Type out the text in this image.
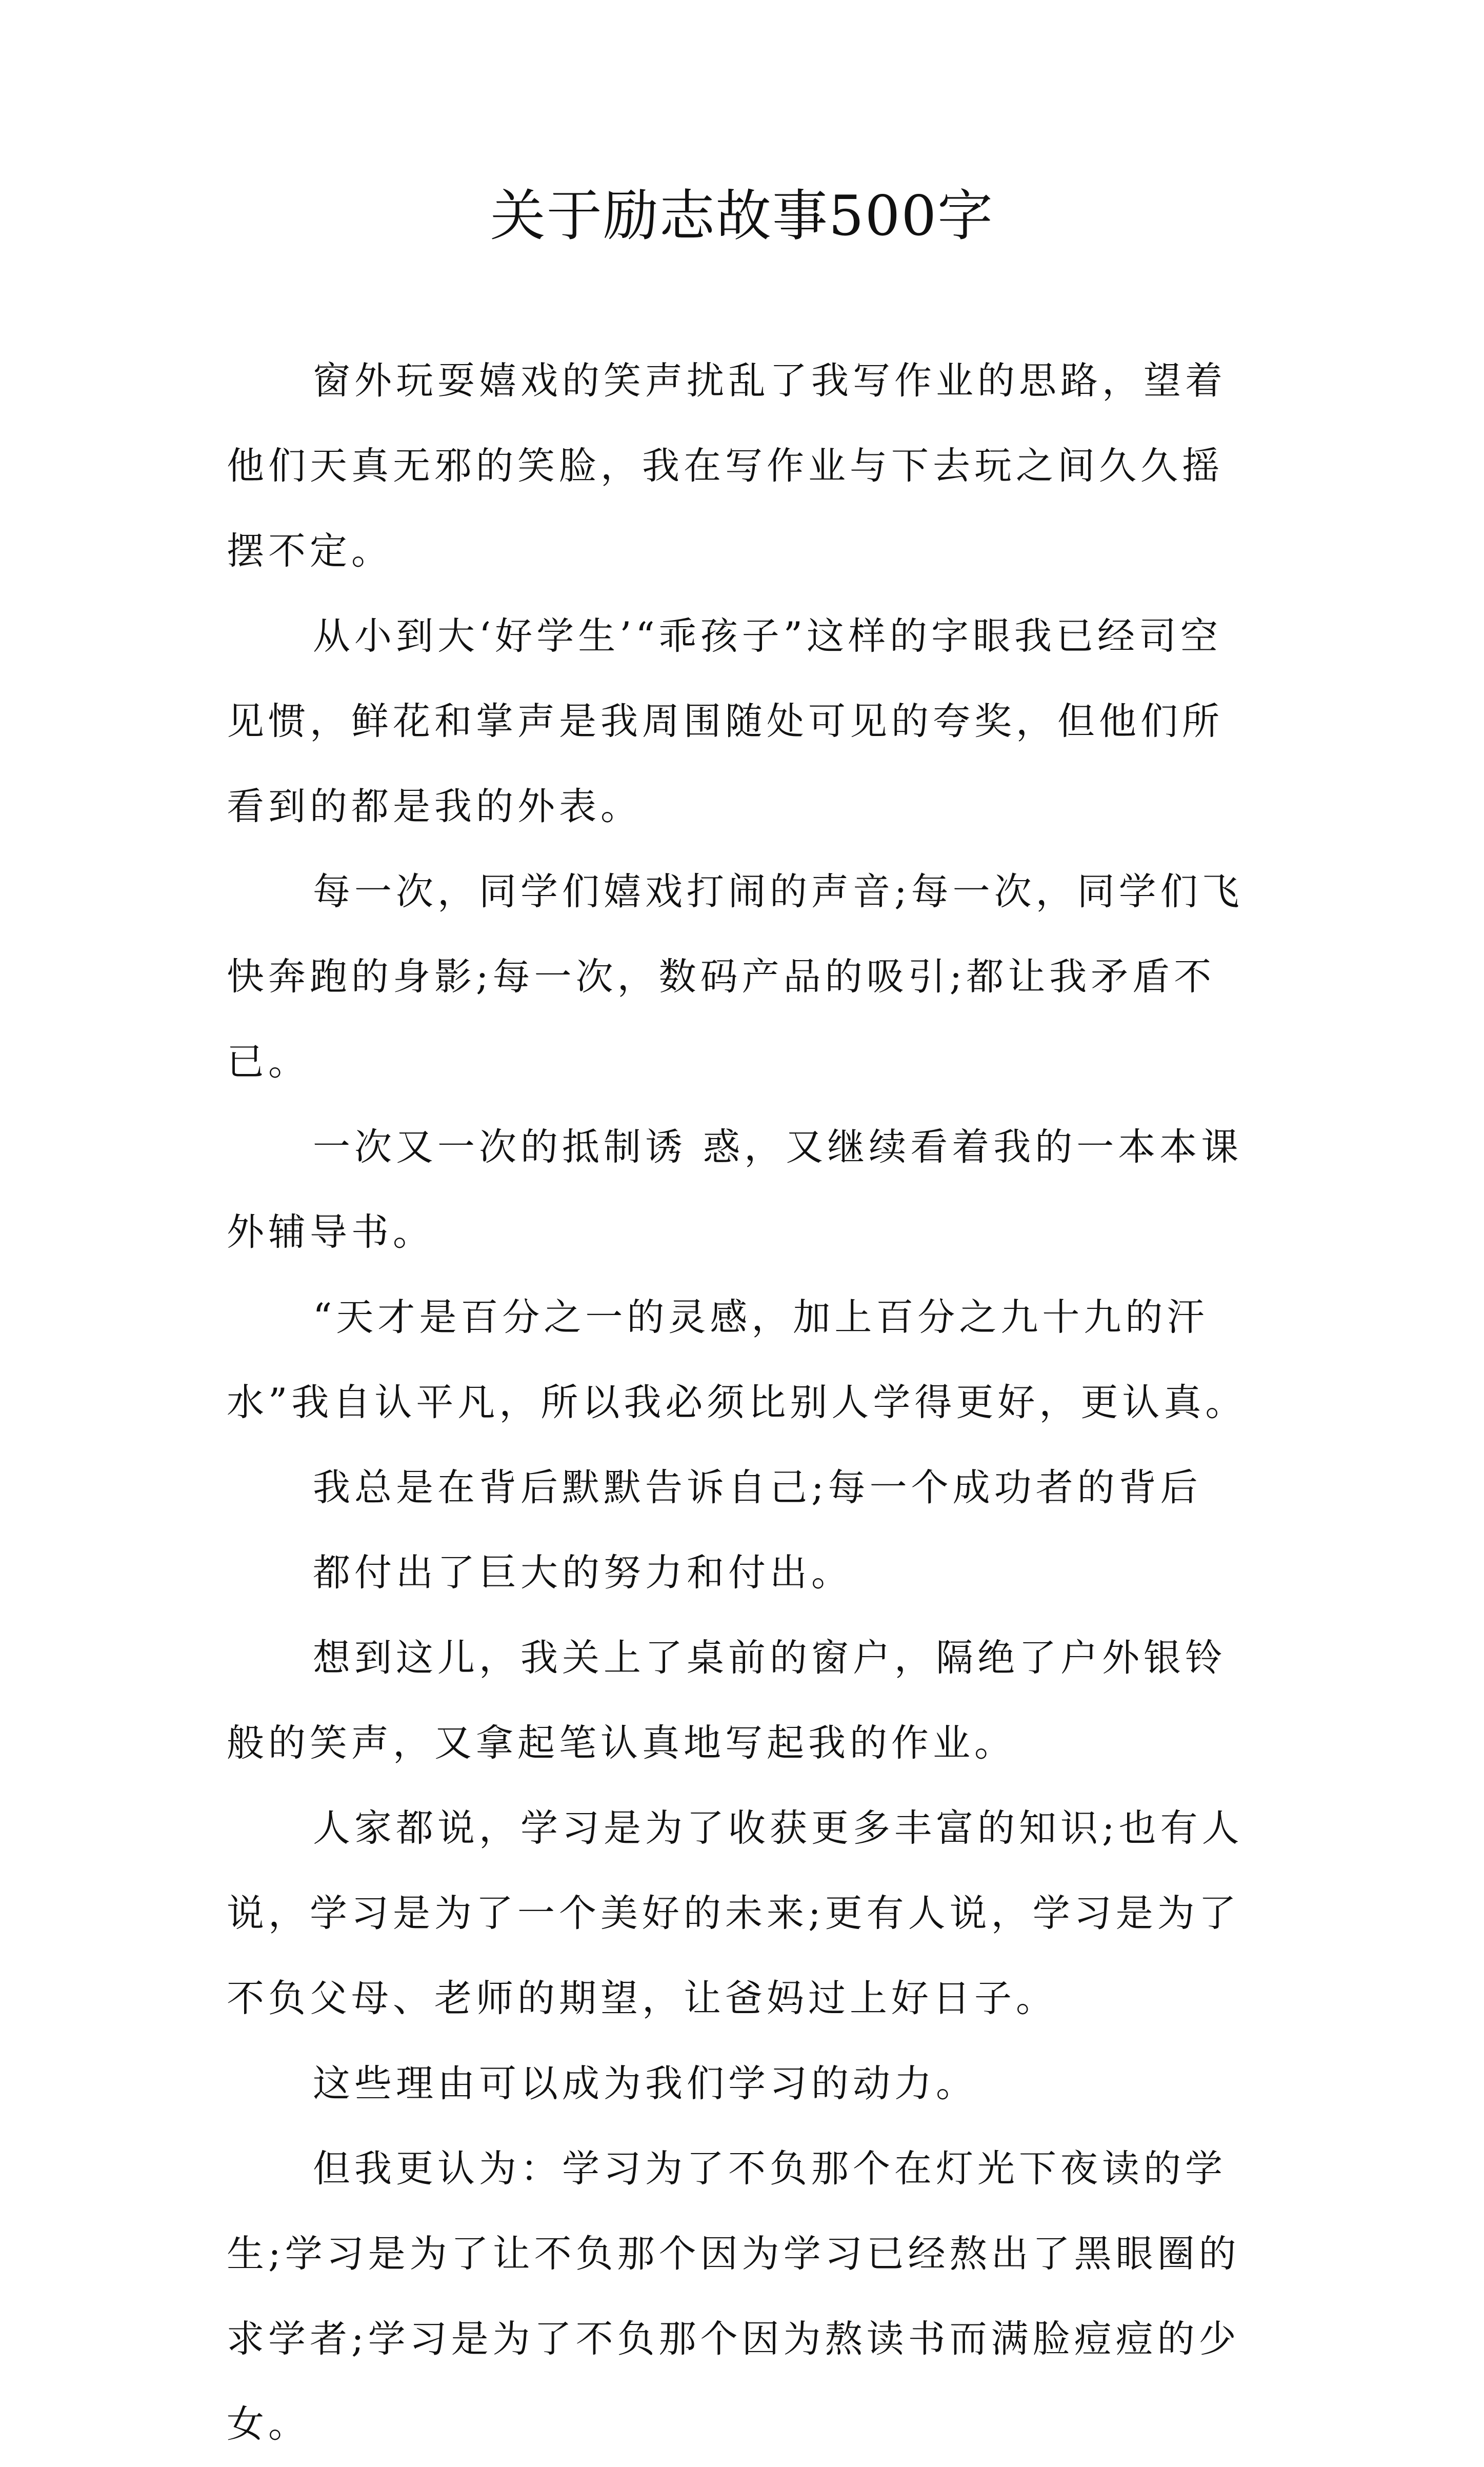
关于励志故事500字

窗外玩耍嬉戏的笑声扰乱了我写作业的思路，望着他们天真无邪的笑脸，我在写作业与下去玩之间久久摇摆不定。

从小到大‘好学生’“乖孩子”这样的字眼我已经司空见惯，鲜花和掌声是我周围随处可见的夸奖，但他们所看到的都是我的外表。

每一次，同学们嬉戏打闹的声音;每一次，同学们飞快奔跑的身影;每一次，数码产品的吸引;都让我矛盾不已。

一次又一次的抵制诱 惑，又继续看着我的一本本课外辅导书。

“天才是百分之一的灵感，加上百分之九十九的汗水”我自认平凡，所以我必须比别人学得更好，更认真。

我总是在背后默默告诉自己;每一个成功者的背后

都付出了巨大的努力和付出。

想到这儿，我关上了桌前的窗户，隔绝了户外银铃般的笑声，又拿起笔认真地写起我的作业。

人家都说，学习是为了收获更多丰富的知识;也有人说，学习是为了一个美好的未来;更有人说，学习是为了不负父母、老师的期望，让爸妈过上好日子。

这些理由可以成为我们学习的动力。

但我更认为：学习为了不负那个在灯光下夜读的学生;学习是为了让不负那个因为学习已经熬出了黑眼圈的求学者;学习是为了不负那个因为熬读书而满脸痘痘的少女。
